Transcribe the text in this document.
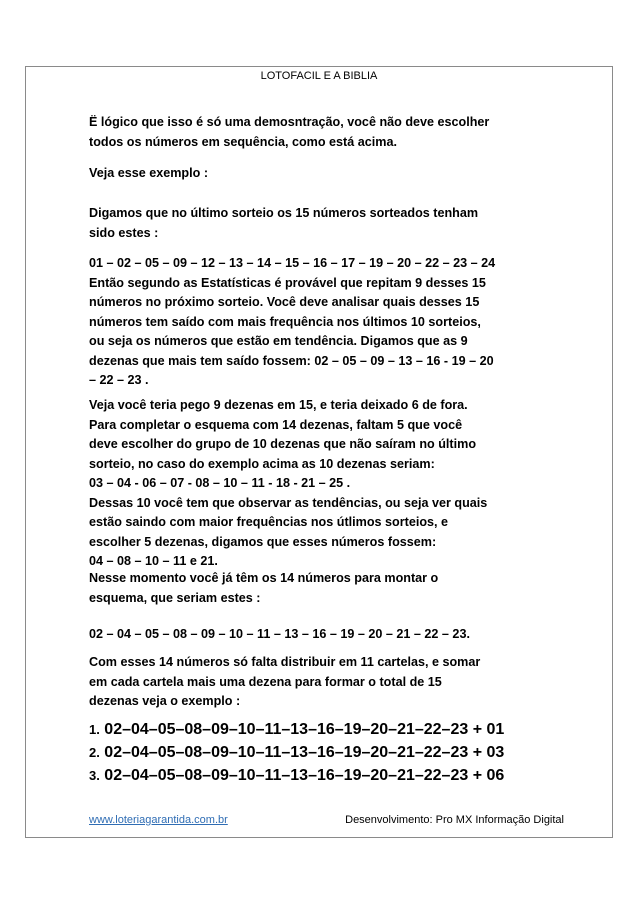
LOTOFACIL E A BIBLIA

Ë lógico que isso é só uma demosntração, você não deve escolher
todos os números em sequência, como está acima.

Veja esse exemplo :

Digamos que no último sorteio os 15 números sorteados tenham
sido estes :

01 – 02 – 05 – 09 – 12 – 13 – 14 – 15 – 16 – 17 – 19 – 20 – 22 – 23 – 24
Então segundo as Estatísticas é provável que repitam 9 desses 15
números no próximo sorteio. Você deve analisar quais desses 15
números tem saído com mais frequência nos últimos 10 sorteios,
ou seja os números que estão em tendência. Digamos que as 9
dezenas que mais tem saído fossem: 02 – 05 – 09 – 13 – 16 - 19 – 20
– 22 – 23 .

Veja você teria pego 9 dezenas em 15, e teria deixado 6 de fora.
Para completar o esquema com 14 dezenas, faltam 5 que você
deve escolher do grupo de 10 dezenas que não saíram no último
sorteio, no caso do exemplo acima as 10 dezenas seriam:
03 – 04 - 06 – 07 - 08 – 10 – 11 - 18 - 21 – 25 .
Dessas 10 você tem que observar as tendências, ou seja ver quais
estão saindo com maior frequências nos útlimos sorteios, e
escolher 5 dezenas, digamos que esses números fossem:
04 – 08 – 10 – 11 e 21.

Nesse momento você já têm os 14 números para montar o
esquema, que seriam estes :

02 – 04 – 05 – 08 – 09 – 10 – 11 – 13 – 16 – 19 – 20 – 21 – 22 – 23.

Com esses 14 números só falta distribuir em 11 cartelas, e somar
em cada cartela mais uma dezena para formar o total de 15
dezenas veja o exemplo :

1. 02–04–05–08–09–10–11–13–16–19–20–21–22–23 + 01
2. 02–04–05–08–09–10–11–13–16–19–20–21–22–23 + 03
3. 02–04–05–08–09–10–11–13–16–19–20–21–22–23 + 06
www.loteriagarantida.com.br	Desenvolvimento: Pro MX Informação Digital
